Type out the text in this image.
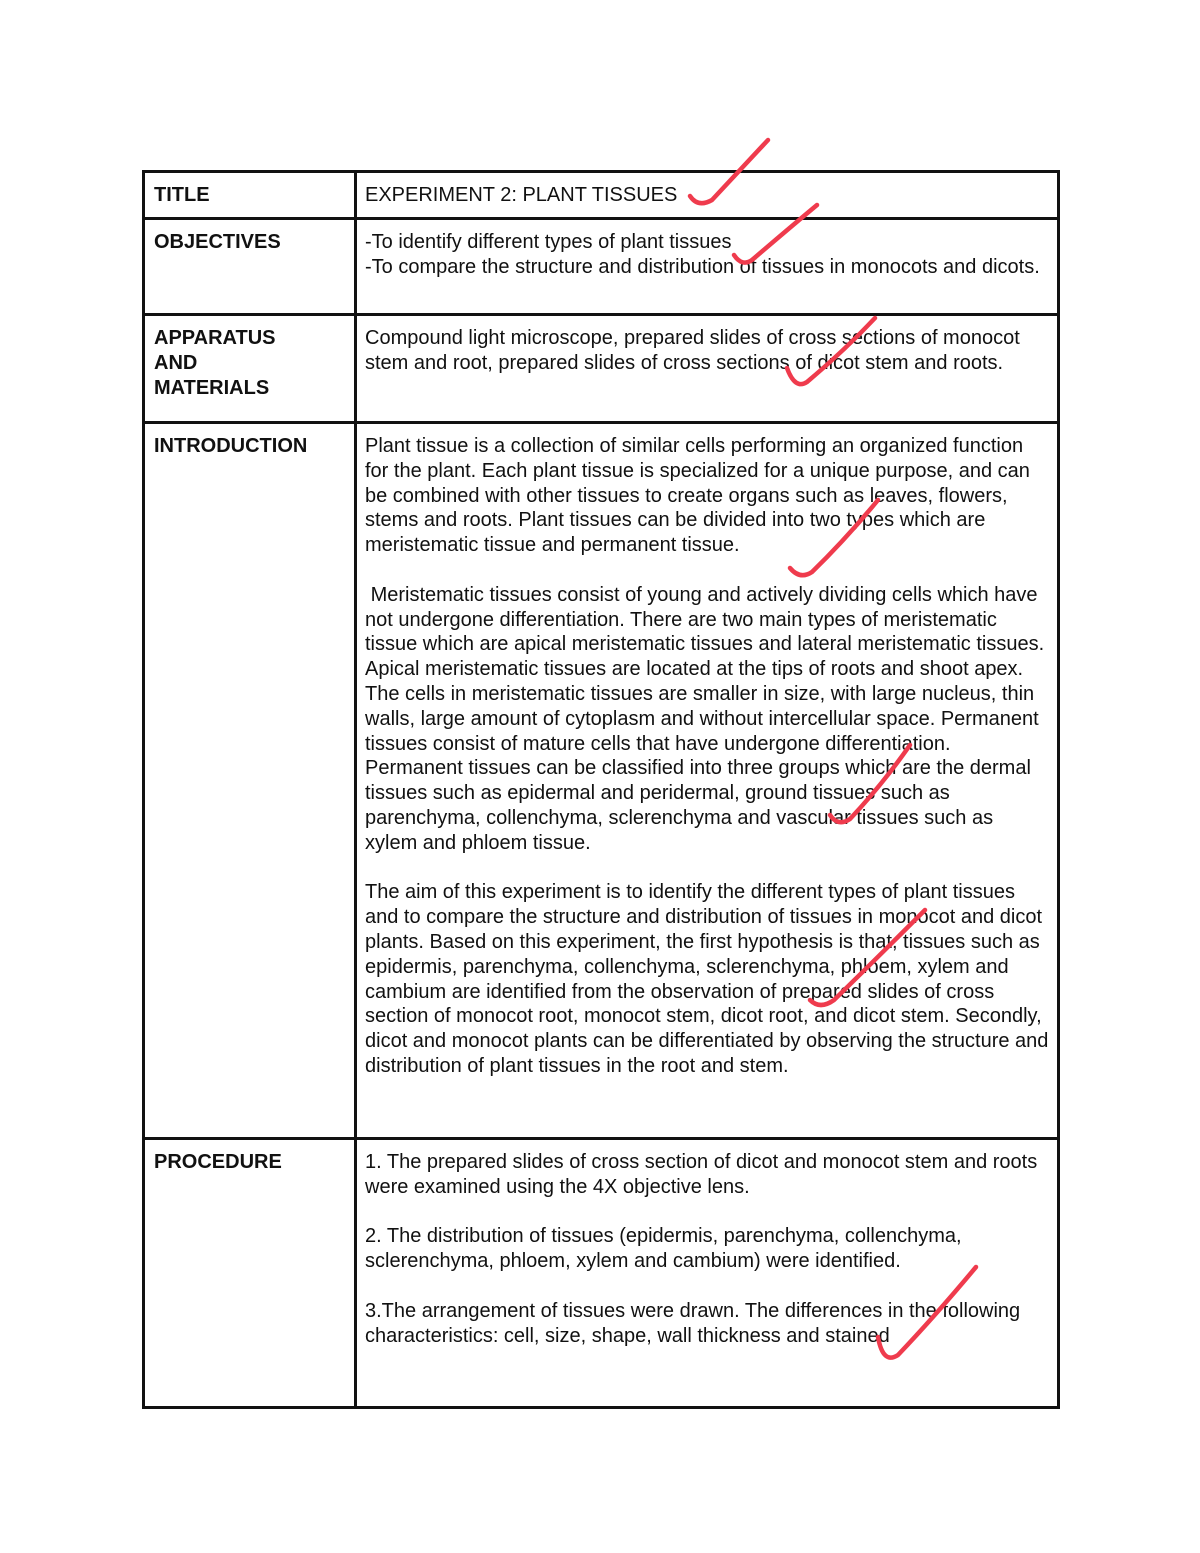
TITLE	EXPERIMENT 2: PLANT TISSUES
OBJECTIVES	-To identify different types of plant tissues
-To compare the structure and distribution of tissues in monocots and dicots.

APPARATUS
AND
MATERIALS	Compound light microscope, prepared slides of cross sections of monocot stem and root, prepared slides of cross sections of dicot stem and roots.
INTRODUCTION	Plant tissue is a collection of similar cells performing an organized function for the plant. Each plant tissue is specialized for a unique purpose, and can be combined with other tissues to create organs such as leaves, flowers, stems and roots. Plant tissues can be divided into two types which are meristematic tissue and permanent tissue.
Meristematic tissues consist of young and actively dividing cells which have not undergone differentiation. There are two main types of meristematic tissue which are apical meristematic tissues and lateral meristematic tissues. Apical meristematic tissues are located at the tips of roots and shoot apex. The cells in meristematic tissues are smaller in size, with large nucleus, thin walls, large amount of cytoplasm and without intercellular space. Permanent tissues consist of mature cells that have undergone differentiation. Permanent tissues can be classified into three groups which are the dermal tissues such as epidermal and peridermal, ground tissues such as parenchyma, collenchyma, sclerenchyma and vascular tissues such as xylem and phloem tissue.
The aim of this experiment is to identify the different types of plant tissues and to compare the structure and distribution of tissues in monocot and dicot plants. Based on this experiment, the first hypothesis is that, tissues such as epidermis, parenchyma, collenchyma, sclerenchyma, phloem, xylem and cambium are identified from the observation of prepared slides of cross section of monocot root, monocot stem, dicot root, and dicot stem. Secondly, dicot and monocot plants can be differentiated by observing the structure and distribution of plant tissues in the root and stem.

PROCEDURE	1. The prepared slides of cross section of dicot and monocot stem and roots were examined using the 4X objective lens.
2. The distribution of tissues (epidermis, parenchyma, collenchyma, sclerenchyma, phloem, xylem and cambium) were identified.
3.The arrangement of tissues were drawn. The differences in the following characteristics: cell, size, shape, wall thickness and stained
